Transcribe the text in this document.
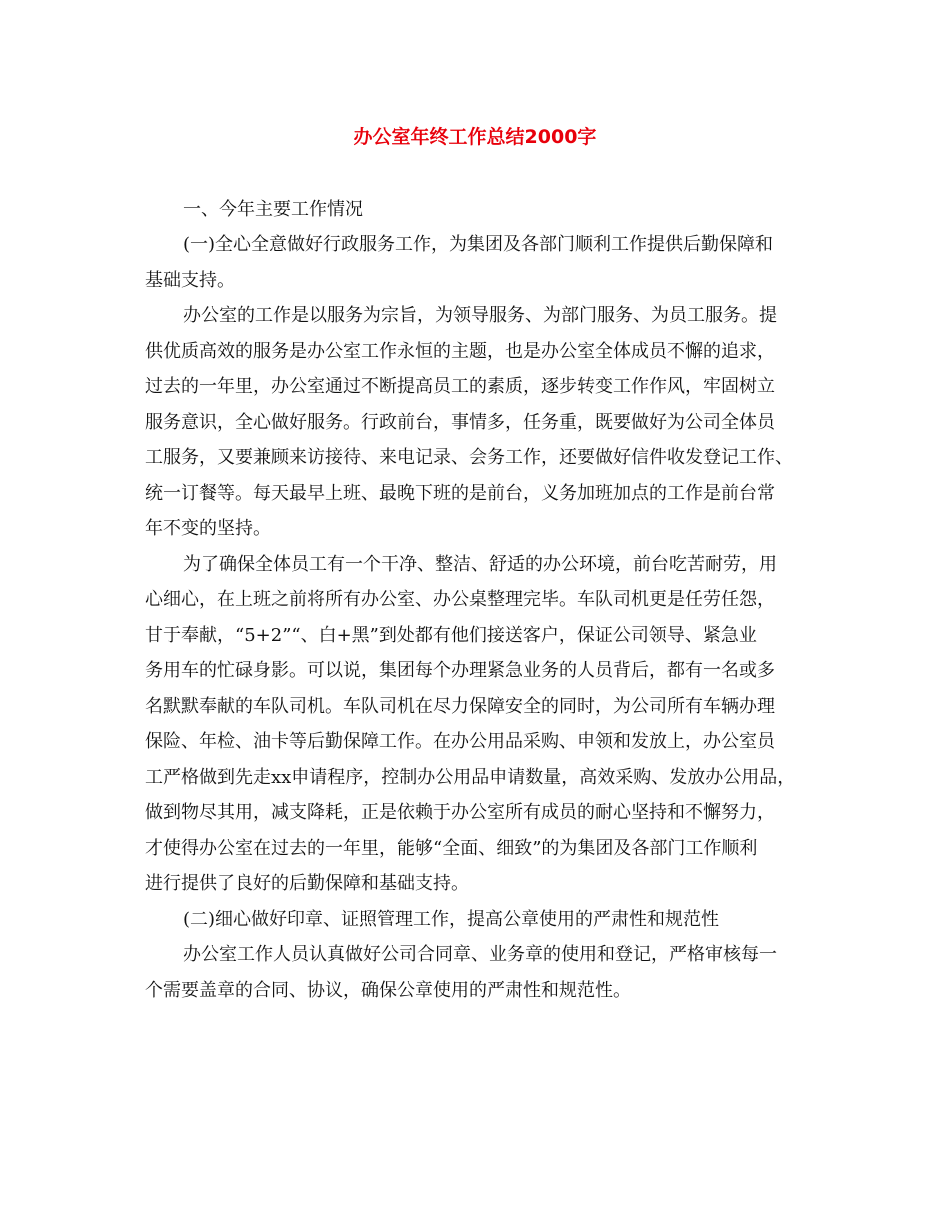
办公室年终工作总结2000字
一、今年主要工作情况
(一)全心全意做好行政服务工作，为集团及各部门顺利工作提供后勤保障和
基础支持。
办公室的工作是以服务为宗旨，为领导服务、为部门服务、为员工服务。提
供优质高效的服务是办公室工作永恒的主题，也是办公室全体成员不懈的追求，
过去的一年里，办公室通过不断提高员工的素质，逐步转变工作作风，牢固树立
服务意识，全心做好服务。行政前台，事情多，任务重，既要做好为公司全体员
工服务，又要兼顾来访接待、来电记录、会务工作，还要做好信件收发登记工作、
统一订餐等。每天最早上班、最晚下班的是前台，义务加班加点的工作是前台常
年不变的坚持。
为了确保全体员工有一个干净、整洁、舒适的办公环境，前台吃苦耐劳，用
心细心，在上班之前将所有办公室、办公桌整理完毕。车队司机更是任劳任怨，
甘于奉献，“5+2”“、白+黑”到处都有他们接送客户，保证公司领导、紧急业
务用车的忙碌身影。可以说，集团每个办理紧急业务的人员背后，都有一名或多
名默默奉献的车队司机。车队司机在尽力保障安全的同时，为公司所有车辆办理
保险、年检、油卡等后勤保障工作。在办公用品采购、申领和发放上，办公室员
工严格做到先走xx申请程序，控制办公用品申请数量，高效采购、发放办公用品，
做到物尽其用，减支降耗，正是依赖于办公室所有成员的耐心坚持和不懈努力，
才使得办公室在过去的一年里，能够“全面、细致”的为集团及各部门工作顺利
进行提供了良好的后勤保障和基础支持。
(二)细心做好印章、证照管理工作，提高公章使用的严肃性和规范性
办公室工作人员认真做好公司合同章、业务章的使用和登记，严格审核每一
个需要盖章的合同、协议，确保公章使用的严肃性和规范性。
